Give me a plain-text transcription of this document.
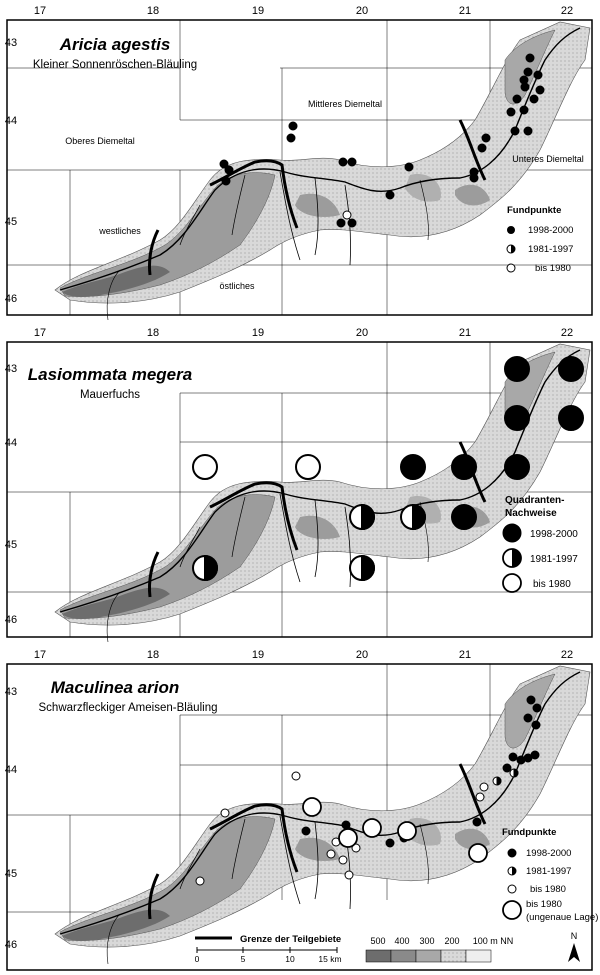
17	18	19	20	21	22
43
44
45
46
17	18	19	20	21	22
43
44
45
46
17	18	19	20	21	22
43
44
45
46
Aricia agestis
Kleiner Sonnenröschen-Bläuling
Oberes Diemeltal
Mittleres Diemeltal
Unteres Diemeltal
westliches
östliches
Fundpunkte
1998-2000
1981-1997
bis 1980
Lasiommata megera
Mauerfuchs
Quadranten-
Nachweise
1998-2000
1981-1997
bis 1980
Maculinea arion
Schwarzfleckiger Ameisen-Bläuling
Fundpunkte
1998-2000
1981-1997
bis 1980
bis 1980
(ungenaue Lage)
Grenze der Teilgebiete
0	5	10	15 km
500 400 300 200 100 m NN	N
